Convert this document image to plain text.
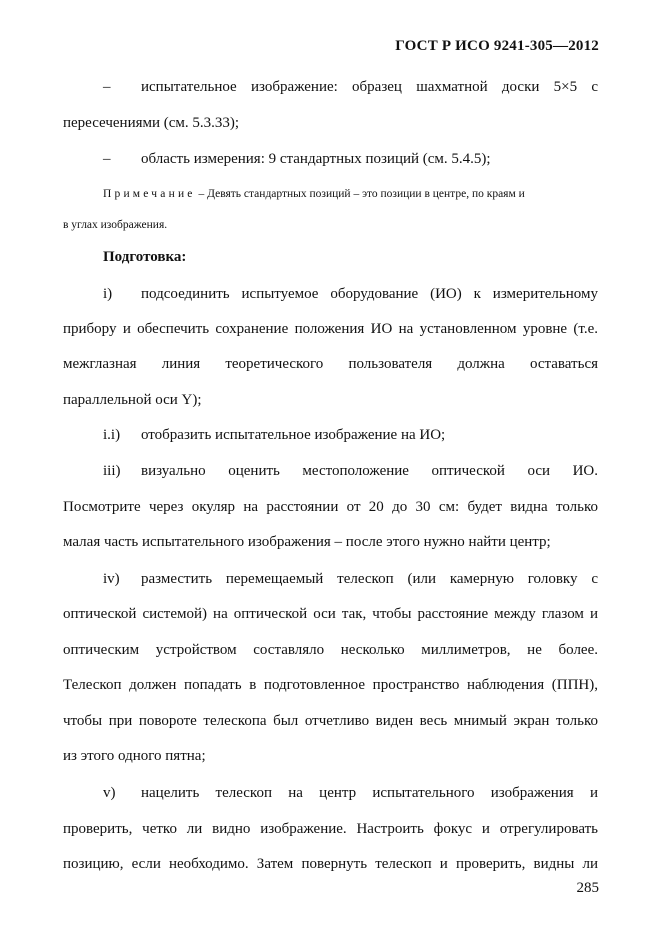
ГОСТ Р ИСО 9241-305—2012
– испытательное изображение: образец шахматной доски 5×5 с
пересечениями (см. 5.3.33);
– область измерения: 9 стандартных позиций (см. 5.4.5);
Примечание – Девять стандартных позиций – это позиции в центре, по краям и
в углах изображения.
Подготовка:
i) подсоединить испытуемое оборудование (ИО) к измерительному
прибору и обеспечить сохранение положения ИО на установленном уровне (т.е.
межглазная линия теоретического пользователя должна оставаться
параллельной оси Y);
i.i) отобразить испытательное изображение на ИО;
iii) визуально оценить местоположение оптической оси ИО.
Посмотрите через окуляр на расстоянии от 20 до 30 см: будет видна только
малая часть испытательного изображения – после этого нужно найти центр;
iv) разместить перемещаемый телескоп (или камерную головку с
оптической системой) на оптической оси так, чтобы расстояние между глазом и
оптическим устройством составляло несколько миллиметров, не более.
Телескоп должен попадать в подготовленное пространство наблюдения (ППН),
чтобы при повороте телескопа был отчетливо виден весь мнимый экран только
из этого одного пятна;
v) нацелить телескоп на центр испытательного изображения и
проверить, четко ли видно изображение. Настроить фокус и отрегулировать
позицию, если необходимо. Затем повернуть телескоп и проверить, видны ли
285
